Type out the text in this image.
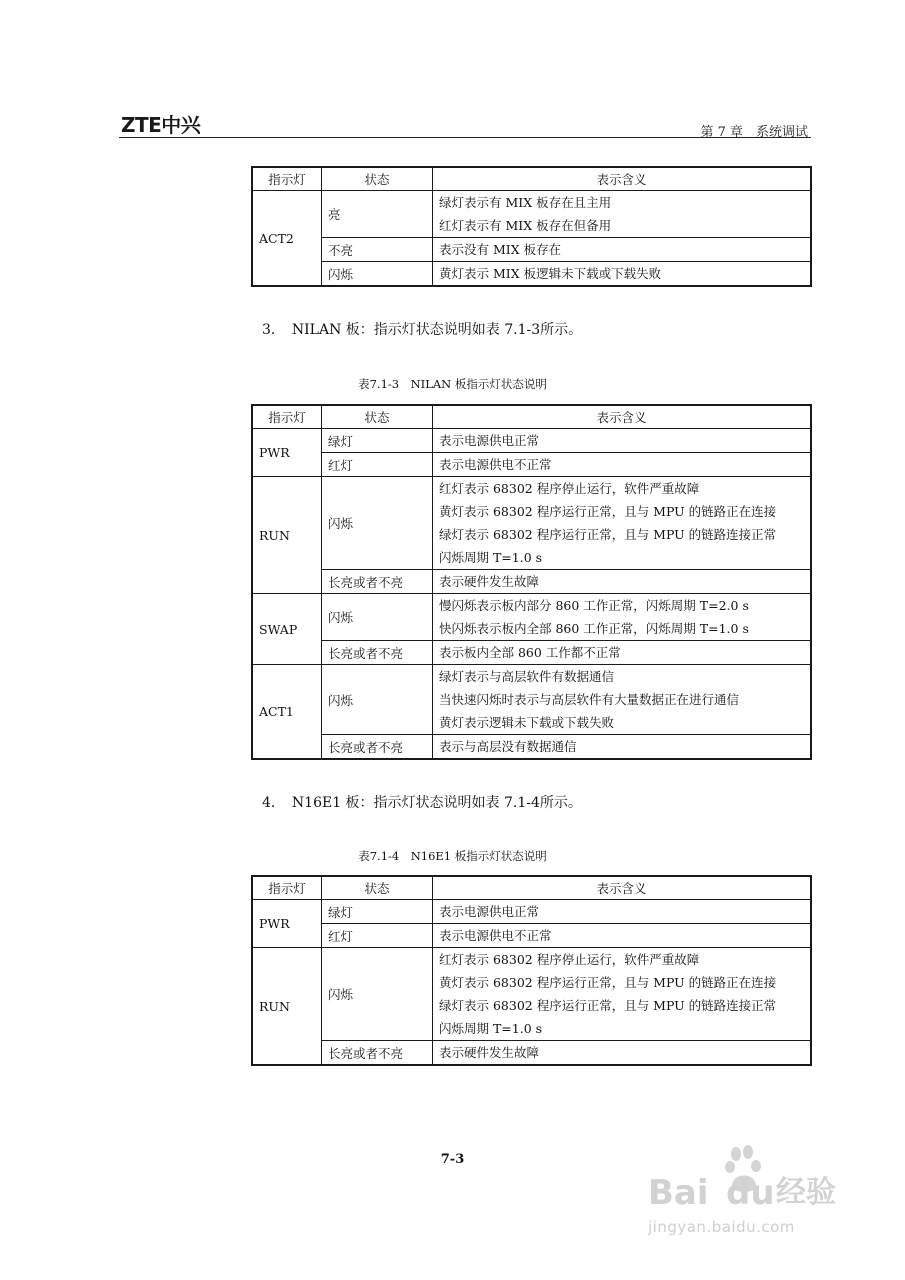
ZTE中兴	第 7 章　系统调试
指示灯	状态	表示含义
ACT2	亮	绿灯表示有 MIX 板存在且主用
红灯表示有 MIX 板存在但备用

	不亮	表示没有 MIX 板存在

	闪烁	黄灯表示 MIX 板逻辑未下载或下载失败
3．　NILAN 板：指示灯状态说明如表 7.1-3所示。
表7.1-3　NILAN 板指示灯状态说明
指示灯	状态	表示含义
PWR	绿灯	表示电源供电正常

	红灯	表示电源供电不正常

RUN	闪烁	红灯表示 68302 程序停止运行，软件严重故障
黄灯表示 68302 程序运行正常，且与 MPU 的链路正在连接
绿灯表示 68302 程序运行正常，且与 MPU 的链路连接正常
闪烁周期 T=1.0 s

	长亮或者不亮	表示硬件发生故障

SWAP	闪烁	慢闪烁表示板内部分 860 工作正常，闪烁周期 T=2.0 s
快闪烁表示板内全部 860 工作正常，闪烁周期 T=1.0 s

	长亮或者不亮	表示板内全部 860 工作都不正常

ACT1	闪烁	绿灯表示与高层软件有数据通信
当快速闪烁时表示与高层软件有大量数据正在进行通信
黄灯表示逻辑未下载或下载失败

	长亮或者不亮	表示与高层没有数据通信
4．　N16E1 板：指示灯状态说明如表 7.1-4所示。
表7.1-4　N16E1 板指示灯状态说明
指示灯	状态	表示含义
PWR	绿灯	表示电源供电正常

	红灯	表示电源供电不正常

RUN	闪烁	红灯表示 68302 程序停止运行，软件严重故障
黄灯表示 68302 程序运行正常，且与 MPU 的链路正在连接
绿灯表示 68302 程序运行正常，且与 MPU 的链路连接正常
闪烁周期 T=1.0 s

	长亮或者不亮	表示硬件发生故障
7-3
Bai du 经验
jingyan.baidu.com
